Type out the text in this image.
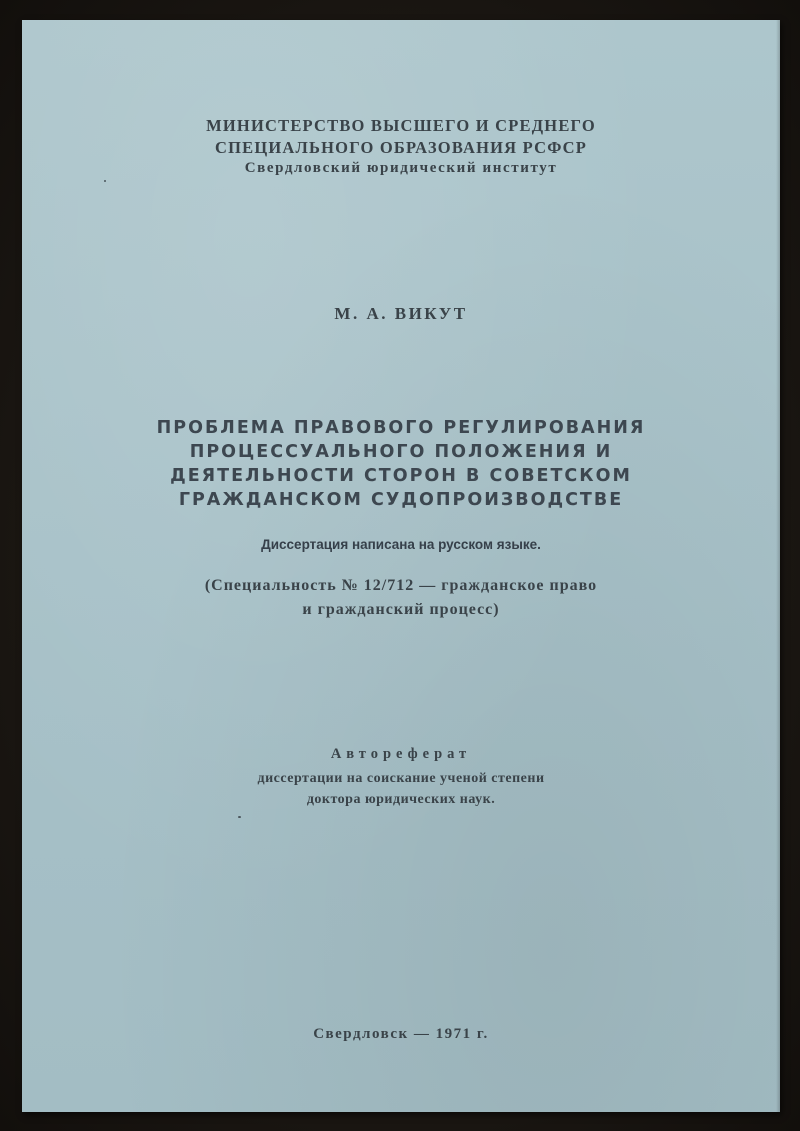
МИНИСТЕРСТВО ВЫСШЕГО И СРЕДНЕГО
СПЕЦИАЛЬНОГО ОБРАЗОВАНИЯ РСФСР
Свердловский юридический институт
М. А. ВИКУТ
ПРОБЛЕМА ПРАВОВОГО РЕГУЛИРОВАНИЯ
ПРОЦЕССУАЛЬНОГО ПОЛОЖЕНИЯ И
ДЕЯТЕЛЬНОСТИ СТОРОН В СОВЕТСКОМ
ГРАЖДАНСКОМ СУДОПРОИЗВОДСТВЕ
Диссертация написана на русском языке.
(Специальность № 12/712 — гражданское право
и гражданский процесс)
Автореферат
диссертации на соискание ученой степени
доктора юридических наук.
Свердловск — 1971 г.
